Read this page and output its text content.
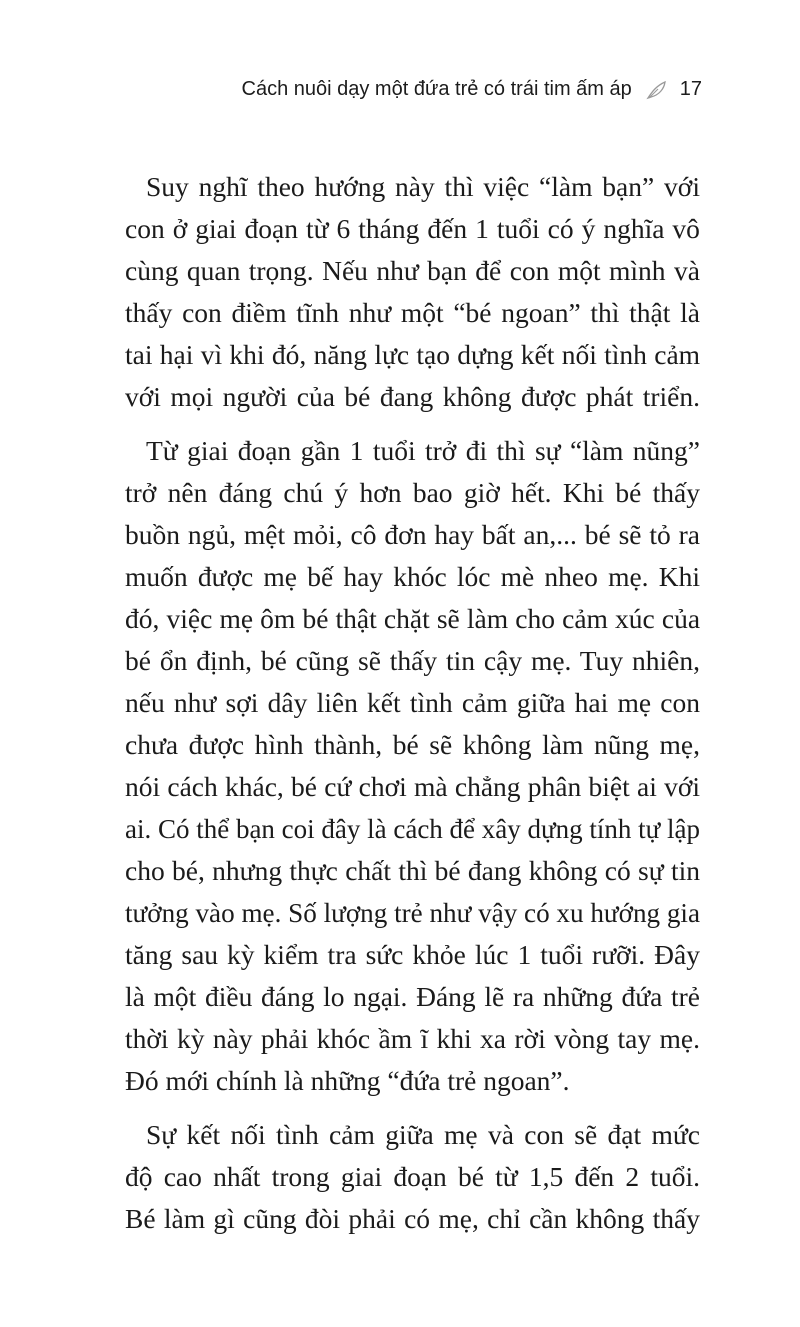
Cách nuôi dạy một đứa trẻ có trái tim ấm áp 17
Suy nghĩ theo hướng này thì việc “làm bạn” với
con ở giai đoạn từ 6 tháng đến 1 tuổi có ý nghĩa vô
cùng quan trọng. Nếu như bạn để con một mình và
thấy con điềm tĩnh như một “bé ngoan” thì thật là
tai hại vì khi đó, năng lực tạo dựng kết nối tình cảm
với mọi người của bé đang không được phát triển.
Từ giai đoạn gần 1 tuổi trở đi thì sự “làm nũng”
trở nên đáng chú ý hơn bao giờ hết. Khi bé thấy
buồn ngủ, mệt mỏi, cô đơn hay bất an,... bé sẽ tỏ ra
muốn được mẹ bế hay khóc lóc mè nheo mẹ. Khi
đó, việc mẹ ôm bé thật chặt sẽ làm cho cảm xúc của
bé ổn định, bé cũng sẽ thấy tin cậy mẹ. Tuy nhiên,
nếu như sợi dây liên kết tình cảm giữa hai mẹ con
chưa được hình thành, bé sẽ không làm nũng mẹ,
nói cách khác, bé cứ chơi mà chẳng phân biệt ai với
ai. Có thể bạn coi đây là cách để xây dựng tính tự lập
cho bé, nhưng thực chất thì bé đang không có sự tin
tưởng vào mẹ. Số lượng trẻ như vậy có xu hướng gia
tăng sau kỳ kiểm tra sức khỏe lúc 1 tuổi rưỡi. Đây
là một điều đáng lo ngại. Đáng lẽ ra những đứa trẻ
thời kỳ này phải khóc ầm ĩ khi xa rời vòng tay mẹ.
Đó mới chính là những “đứa trẻ ngoan”.
Sự kết nối tình cảm giữa mẹ và con sẽ đạt mức
độ cao nhất trong giai đoạn bé từ 1,5 đến 2 tuổi.
Bé làm gì cũng đòi phải có mẹ, chỉ cần không thấy
